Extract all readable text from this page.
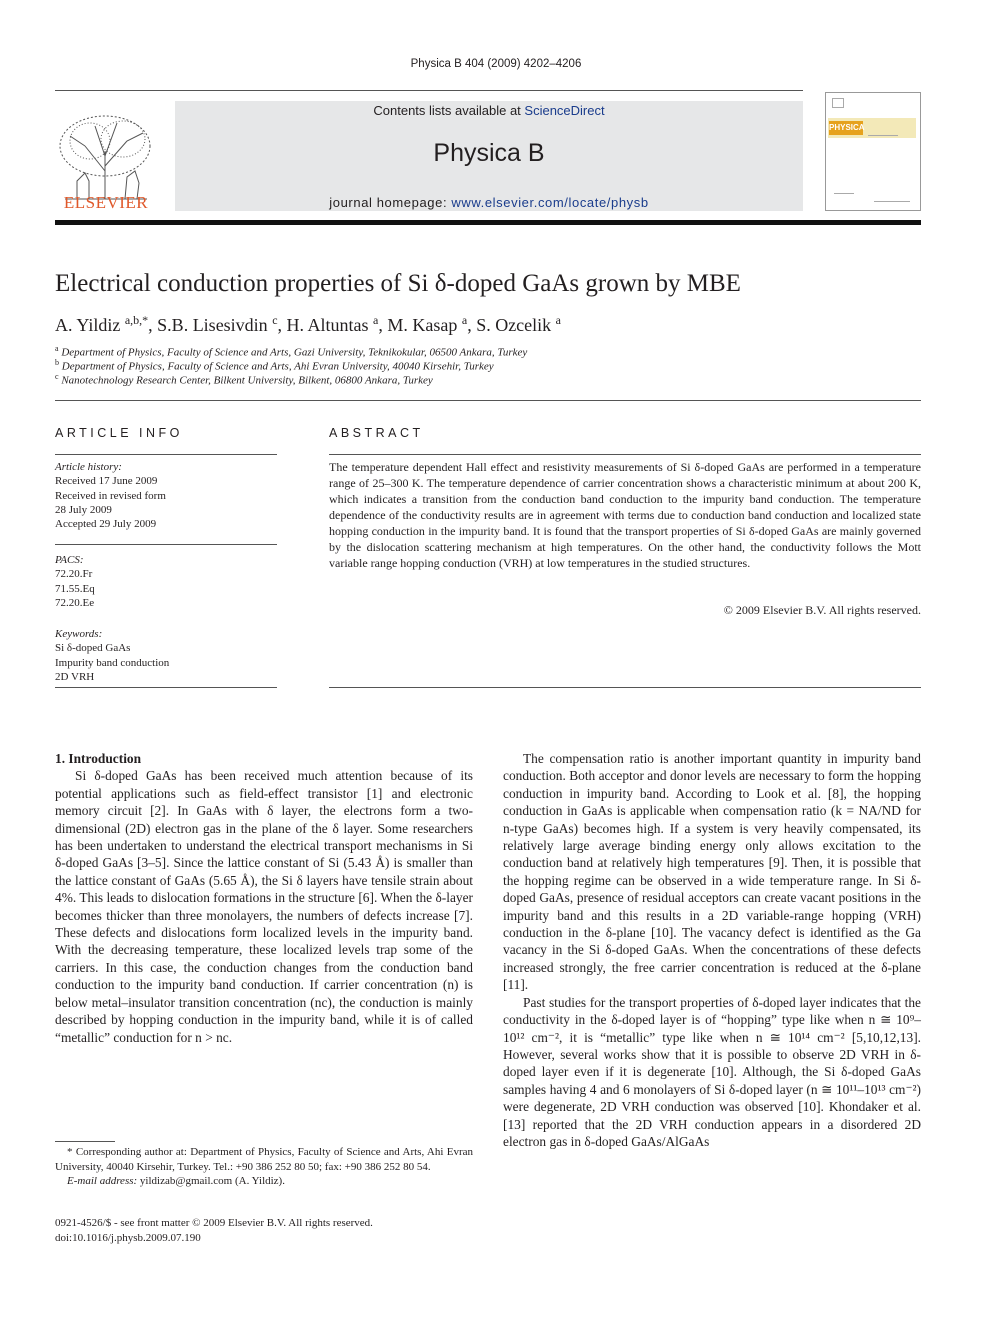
Physica B 404 (2009) 4202–4206
ELSEVIER
Contents lists available at ScienceDirect
Physica B
journal homepage: www.elsevier.com/locate/physb
PHYSICA
Electrical conduction properties of Si δ-doped GaAs grown by MBE
A. Yildiz $^{a,b,*}$, S.B. Lisesivdin $^c$, H. Altuntas $^a$, M. Kasap $^a$, S. Ozcelik $^a$
$^a$ Department of Physics, Faculty of Science and Arts, Gazi University, Teknikokular, 06500 Ankara, Turkey
$^b$ Department of Physics, Faculty of Science and Arts, Ahi Evran University, 40040 Kirsehir, Turkey
$^c$ Nanotechnology Research Center, Bilkent University, Bilkent, 06800 Ankara, Turkey
ARTICLE INFO	ABSTRACT
Article history:
Received 17 June 2009
Received in revised form
28 July 2009
Accepted 29 July 2009
PACS:
72.20.Fr
71.55.Eq
72.20.Ee
Keywords:
Si δ-doped GaAs
Impurity band conduction
2D VRH
The temperature dependent Hall effect and resistivity measurements of Si δ-doped GaAs are performed in a temperature range of 25–300 K. The temperature dependence of carrier concentration shows a characteristic minimum at about 200 K, which indicates a transition from the conduction band conduction to the impurity band conduction. The temperature dependence of the conductivity results are in agreement with terms due to conduction band conduction and localized state hopping conduction in the impurity band. It is found that the transport properties of Si δ-doped GaAs are mainly governed by the dislocation scattering mechanism at high temperatures. On the other hand, the conductivity follows the Mott variable range hopping conduction (VRH) at low temperatures in the studied structures.
© 2009 Elsevier B.V. All rights reserved.

1. Introduction

Si δ-doped GaAs has been received much attention because of its potential applications such as field-effect transistor [1] and electronic memory circuit [2]. In GaAs with δ layer, the electrons form a two-dimensional (2D) electron gas in the plane of the δ layer. Some researchers has been undertaken to understand the electrical transport mechanisms in Si δ-doped GaAs [3–5]. Since the lattice constant of Si (5.43 Å) is smaller than the lattice constant of GaAs (5.65 Å), the Si δ layers have tensile strain about 4%. This leads to dislocation formations in the structure [6]. When the δ-layer becomes thicker than three monolayers, the numbers of defects increase [7]. These defects and dislocations form localized levels in the impurity band. With the decreasing temperature, these localized levels trap some of the carriers. In this case, the conduction changes from the conduction band conduction to the impurity band conduction. If carrier concentration (n) is below metal–insulator transition concentration (nc), the conduction is mainly described by hopping conduction in the impurity band, while it is of called “metallic” conduction for n > nc.

The compensation ratio is another important quantity in impurity band conduction. Both acceptor and donor levels are necessary to form the hopping conduction in impurity band. According to Look et al. [8], the hopping conduction in GaAs is applicable when compensation ratio (k = NA/ND for n-type GaAs) becomes high. If a system is very heavily compensated, its relatively large average binding energy only allows excitation to the conduction band at relatively high temperatures [9]. Then, it is possible that the hopping regime can be observed in a wide temperature range. In Si δ-doped GaAs, presence of residual acceptors can create vacant positions in the impurity band and this results in a 2D variable-range hopping (VRH) conduction in the δ-plane [10]. The vacancy defect is identified as the Ga vacancy in the Si δ-doped GaAs. When the concentrations of these defects increased strongly, the free carrier concentration is reduced at the δ-plane [11].

Past studies for the transport properties of δ-doped layer indicates that the conductivity in the δ-doped layer is of “hopping” type like when n ≅ 10⁹–10¹² cm⁻², it is “metallic” type like when n ≅ 10¹⁴ cm⁻² [5,10,12,13]. However, several works show that it is possible to observe 2D VRH in δ-doped layer even if it is degenerate [10]. Although, the Si δ-doped GaAs samples having 4 and 6 monolayers of Si δ-doped layer (n ≅ 10¹¹–10¹³ cm⁻²) were degenerate, 2D VRH conduction was observed [10]. Khondaker et al. [13] reported that the 2D VRH conduction appears in a disordered 2D electron gas in δ-doped GaAs/AlGaAs

* Corresponding author at: Department of Physics, Faculty of Science and Arts, Ahi Evran University, 40040 Kirsehir, Turkey. Tel.: +90 386 252 80 50; fax: +90 386 252 80 54.

E-mail address: yildizab@gmail.com (A. Yildiz).

0921-4526/$ - see front matter © 2009 Elsevier B.V. All rights reserved.
doi:10.1016/j.physb.2009.07.190
